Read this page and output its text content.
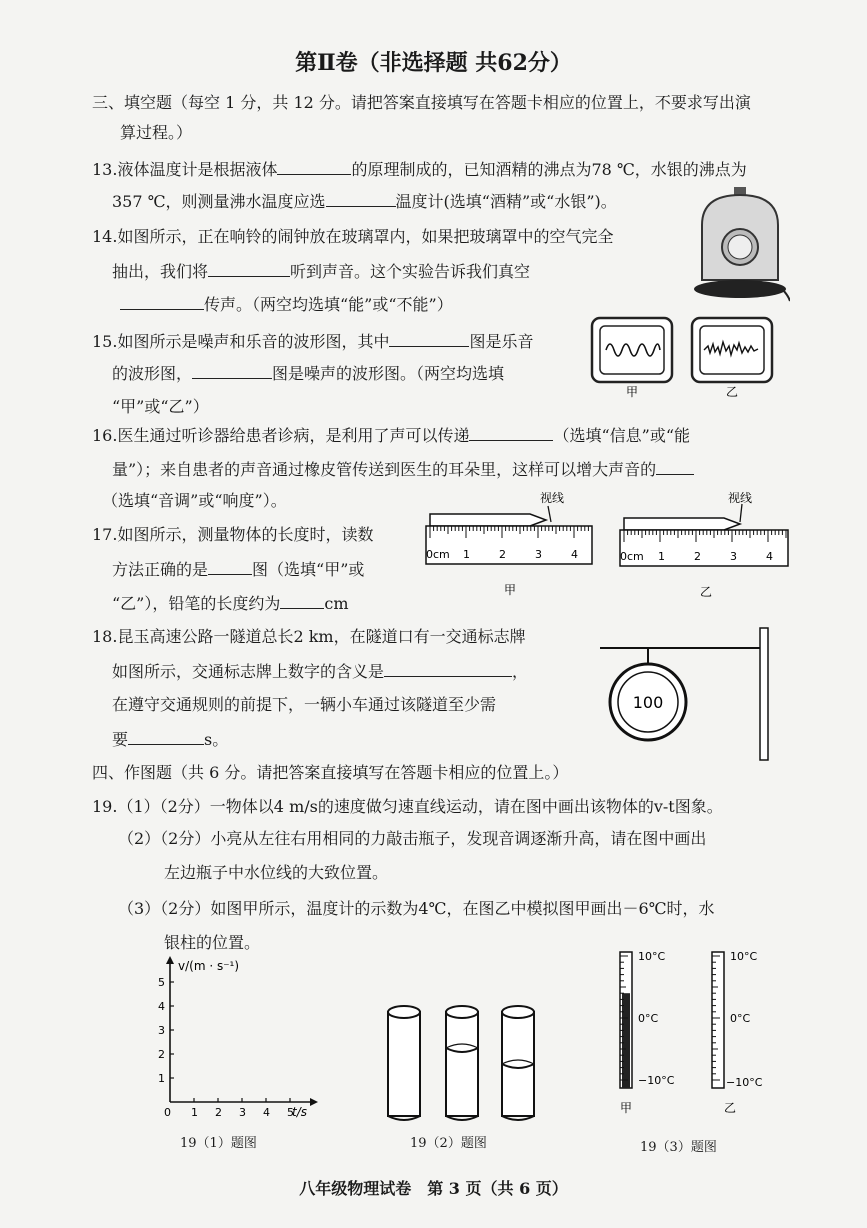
第Ⅱ卷（非选择题 共62分）
三、填空题（每空 1 分，共 12 分。请把答案直接填写在答题卡相应的位置上，不要求写出演
算过程。）
13.液体温度计是根据液体	的原理制成的，已知酒精的沸点为78 ℃，水银的沸点为
357 ℃，则测量沸水温度应选	温度计(选填“酒精”或“水银”)。
14.如图所示，正在响铃的闹钟放在玻璃罩内，如果把玻璃罩中的空气完全
抽出，我们将	听到声音。这个实验告诉我们真空
传声。（两空均选填“能”或“不能”）
15.如图所示是噪声和乐音的波形图，其中	图是乐音
的波形图，	图是噪声的波形图。（两空均选填
“甲”或“乙”）
甲	乙
16.医生通过听诊器给患者诊病，是利用了声可以传递	（选填“信息”或“能
量”）；来自患者的声音通过橡皮管传送到医生的耳朵里，这样可以增大声音的
（选填“音调”或“响度”）。
17.如图所示，测量物体的长度时，读数
方法正确的是	图（选填“甲”或
“乙”），铅笔的长度约为	cm
视线
0cm 1	2	3	4
甲
视线
0cm 1	2	3	4
乙
18.昆玉高速公路一隧道总长2 km，在隧道口有一交通标志牌
如图所示，交通标志牌上数字的含义是	，
在遵守交通规则的前提下，一辆小车通过该隧道至少需
要	s。
100
四、作图题（共 6 分。请把答案直接填写在答题卡相应的位置上。）
19.（1）（2分）一物体以4 m/s的速度做匀速直线运动，请在图中画出该物体的v-t图象。
（2）（2分）小亮从左往右用相同的力敲击瓶子，发现音调逐渐升高，请在图中画出
左边瓶子中水位线的大致位置。
（3）（2分）如图甲所示，温度计的示数为4℃，在图乙中模拟图甲画出－6℃时，水
银柱的位置。
v/(m · s⁻¹)
t/s
1
2
3
4
5
0 1 2 3 4 5
19（1）题图	19（2）题图
10°C
0°C
−10°C
甲
10°C
0°C
−10°C
乙
19（3）题图
八年级物理试卷　第 3 页（共 6 页）
